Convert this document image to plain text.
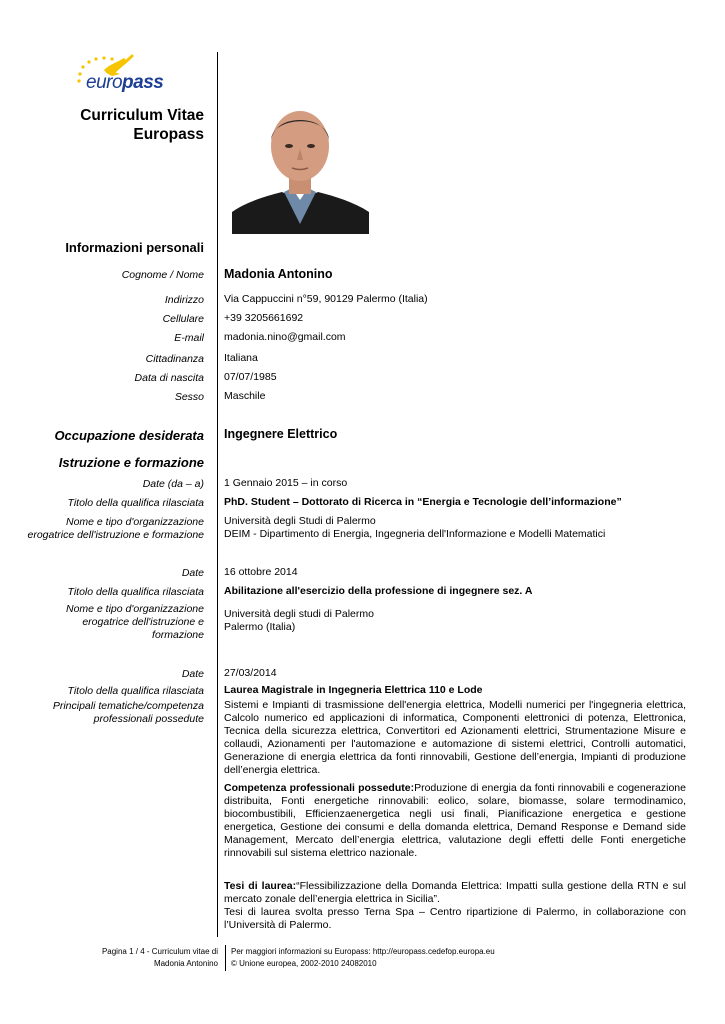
europass
Curriculum Vitae
Europass
Informazioni personali
Cognome / Nome Madonia Antonino
Indirizzo Via Cappuccini n°59, 90129 Palermo (Italia)
Cellulare +39 3205661692
E-mail madonia.nino@gmail.com
Cittadinanza Italiana
Data di nascita 07/07/1985
Sesso Maschile
Occupazione desiderata Ingegnere Elettrico
Istruzione e formazione
Date (da – a) 1 Gennaio 2015 – in corso
Titolo della qualifica rilasciata PhD. Student – Dottorato di Ricerca in “Energia e Tecnologie dell’informazione”
Nome e tipo d'organizzazione
erogatrice dell'istruzione e formazione
Università degli Studi di Palermo
DEIM - Dipartimento di Energia, Ingegneria dell'Informazione e Modelli Matematici
Date 16 ottobre 2014
Titolo della qualifica rilasciata Abilitazione all'esercizio della professione di ingegnere sez. A
Nome e tipo d'organizzazione
erogatrice dell'istruzione e
formazione
Università degli studi di Palermo
Palermo (Italia)
Date 27/03/2014
Titolo della qualifica rilasciata Laurea Magistrale in Ingegneria Elettrica 110 e Lode
Principali tematiche/competenza
professionali possedute
Sistemi e Impianti di trasmissione dell'energia elettrica, Modelli numerici per l'ingegneria elettrica, Calcolo numerico ed applicazioni di informatica, Componenti elettronici di potenza, Elettronica, Tecnica della sicurezza elettrica, Convertitori ed Azionamenti elettrici, Strumentazione Misure e collaudi, Azionamenti per l'automazione e automazione di sistemi elettrici, Controlli automatici, Generazione di energia elettrica da fonti rinnovabili, Gestione dell’energia, Impianti di produzione dell’energia elettrica.
Competenza professionali possedute:Produzione di energia da fonti rinnovabili e cogenerazione distribuita, Fonti energetiche rinnovabili: eolico, solare, biomasse, solare termodinamico, biocombustibili, Efficienzaenergetica negli usi finali, Pianificazione energetica e gestione energetica, Gestione dei consumi e della domanda elettrica, Demand Response e Demand side Management, Mercato dell’energia elettrica, valutazione degli effetti delle Fonti energetiche rinnovabili sul sistema elettrico nazionale.
Tesi di laurea:“Flessibilizzazione della Domanda Elettrica: Impatti sulla gestione della RTN e sul mercato zonale dell’energia elettrica in Sicilia”.
Tesi di laurea svolta presso Terna Spa – Centro ripartizione di Palermo, in collaborazione con l’Università di Palermo.
Pagina 1 / 4 - Curriculum vitae di
Madonia Antonino
Per maggiori informazioni su Europass: http://europass.cedefop.europa.eu
© Unione europea, 2002-2010 24082010
